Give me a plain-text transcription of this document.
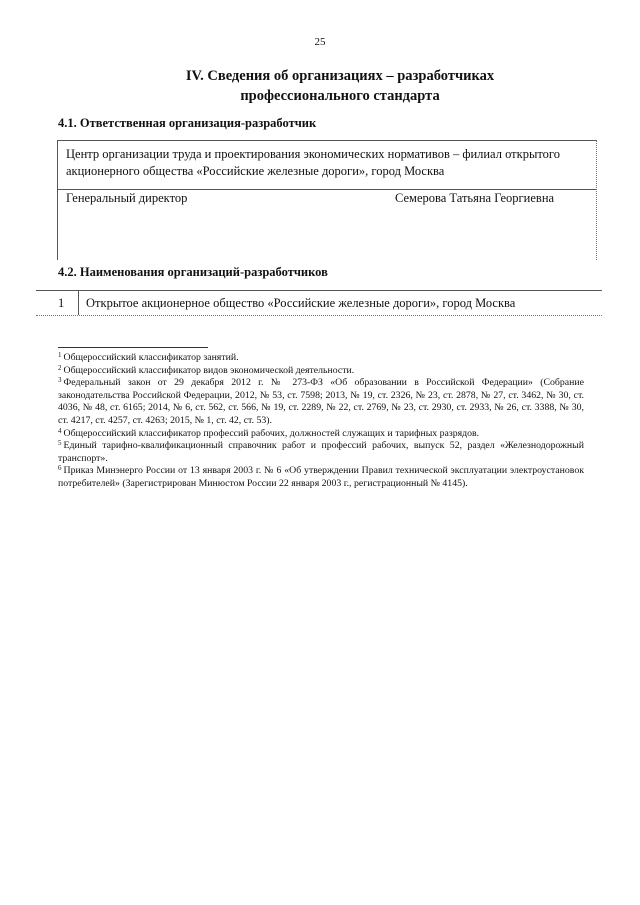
25
IV. Сведения об организациях – разработчиках
профессионального стандарта
4.1. Ответственная организация-разработчик
Центр организации труда и проектирования экономических нормативов – филиал открытого акционерного общества «Российские железные дороги», город Москва
Генеральный директор	Семерова Татьяна Георгиевна
4.2. Наименования организаций-разработчиков
1 Открытое акционерное общество «Российские железные дороги», город Москва

$^1$ Общероссийский классификатор занятий.

$^2$ Общероссийский классификатор видов экономической деятельности.

$^3$ Федеральный закон от 29 декабря 2012 г. № 273-ФЗ «Об образовании в Российской Федерации» (Собрание законодательства Российской Федерации, 2012, № 53, ст. 7598; 2013, № 19, ст. 2326, № 23, ст. 2878, № 27, ст. 3462, № 30, ст. 4036, № 48, ст. 6165; 2014, № 6, ст. 562, ст. 566, № 19, ст. 2289, № 22, ст. 2769, № 23, ст. 2930, ст. 2933, № 26, ст. 3388, № 30, ст. 4217, ст. 4257, ст. 4263; 2015, № 1, ст. 42, ст. 53).

$^4$ Общероссийский классификатор профессий рабочих, должностей служащих и тарифных разрядов.

$^5$ Единый тарифно-квалификационный справочник работ и профессий рабочих, выпуск 52, раздел «Железнодорожный транспорт».

$^6$ Приказ Минэнерго России от 13 января 2003 г. № 6 «Об утверждении Правил технической эксплуатации электроустановок потребителей» (Зарегистрирован Минюстом России 22 января 2003 г., регистрационный № 4145).
